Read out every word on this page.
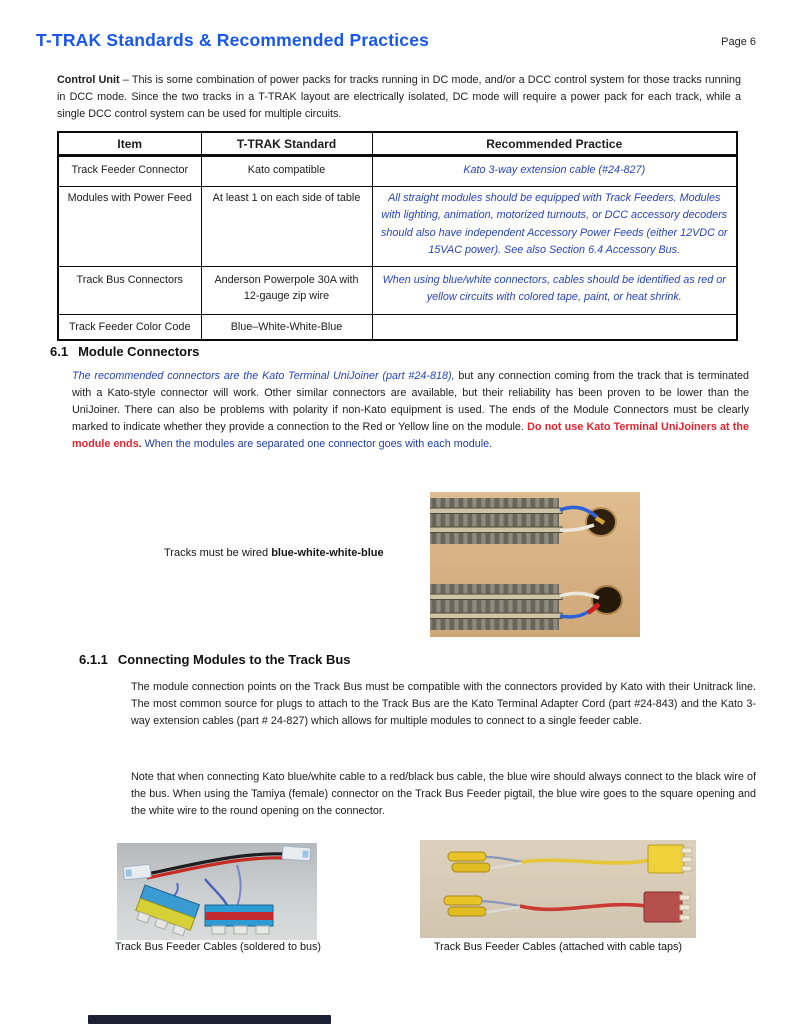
T-TRAK Standards & Recommended Practices	Page 6
Control Unit – This is some combination of power packs for tracks running in DC mode, and/or a DCC control system for those tracks running in DCC mode. Since the two tracks in a T-TRAK layout are electrically isolated, DC mode will require a power pack for each track, while a single DCC control system can be used for multiple circuits.
Item	T-TRAK Standard	Recommended Practice
Track Feeder Connector	Kato compatible	Kato 3-way extension cable (#24-827)
Modules with Power Feed	At least 1 on each side of table	All straight modules should be equipped with Track Feeders. Modules with lighting, animation, motorized turnouts, or DCC accessory decoders should also have independent Accessory Power Feeds (either 12VDC or 15VAC power). See also Section 6.4 Accessory Bus.
Track Bus Connectors	Anderson Powerpole 30A with 12-gauge zip wire	When using blue/white connectors, cables should be identified as red or yellow circuits with colored tape, paint, or heat shrink.
Track Feeder Color Code	Blue–White-White-Blue	
6.1 Module Connectors
The recommended connectors are the Kato Terminal UniJoiner (part #24-818), but any connection coming from the track that is terminated with a Kato-style connector will work. Other similar connectors are available, but their reliability has been proven to be lower than the UniJoiner. There can also be problems with polarity if non-Kato equipment is used. The ends of the Module Connectors must be clearly marked to indicate whether they provide a connection to the Red or Yellow line on the module. Do not use Kato Terminal UniJoiners at the module ends. When the modules are separated one connector goes with each module.
Tracks must be wired blue-white-white-blue
6.1.1 Connecting Modules to the Track Bus
The module connection points on the Track Bus must be compatible with the connectors provided by Kato with their Unitrack line. The most common source for plugs to attach to the Track Bus are the Kato Terminal Adapter Cord (part #24-843) and the Kato 3-way extension cables (part # 24-827) which allows for multiple modules to connect to a single feeder cable.
Note that when connecting Kato blue/white cable to a red/black bus cable, the blue wire should always connect to the black wire of the bus. When using the Tamiya (female) connector on the Track Bus Feeder pigtail, the blue wire goes to the square opening and the white wire to the round opening on the connector.
Track Bus Feeder Cables (soldered to bus)	Track Bus Feeder Cables (attached with cable taps)
